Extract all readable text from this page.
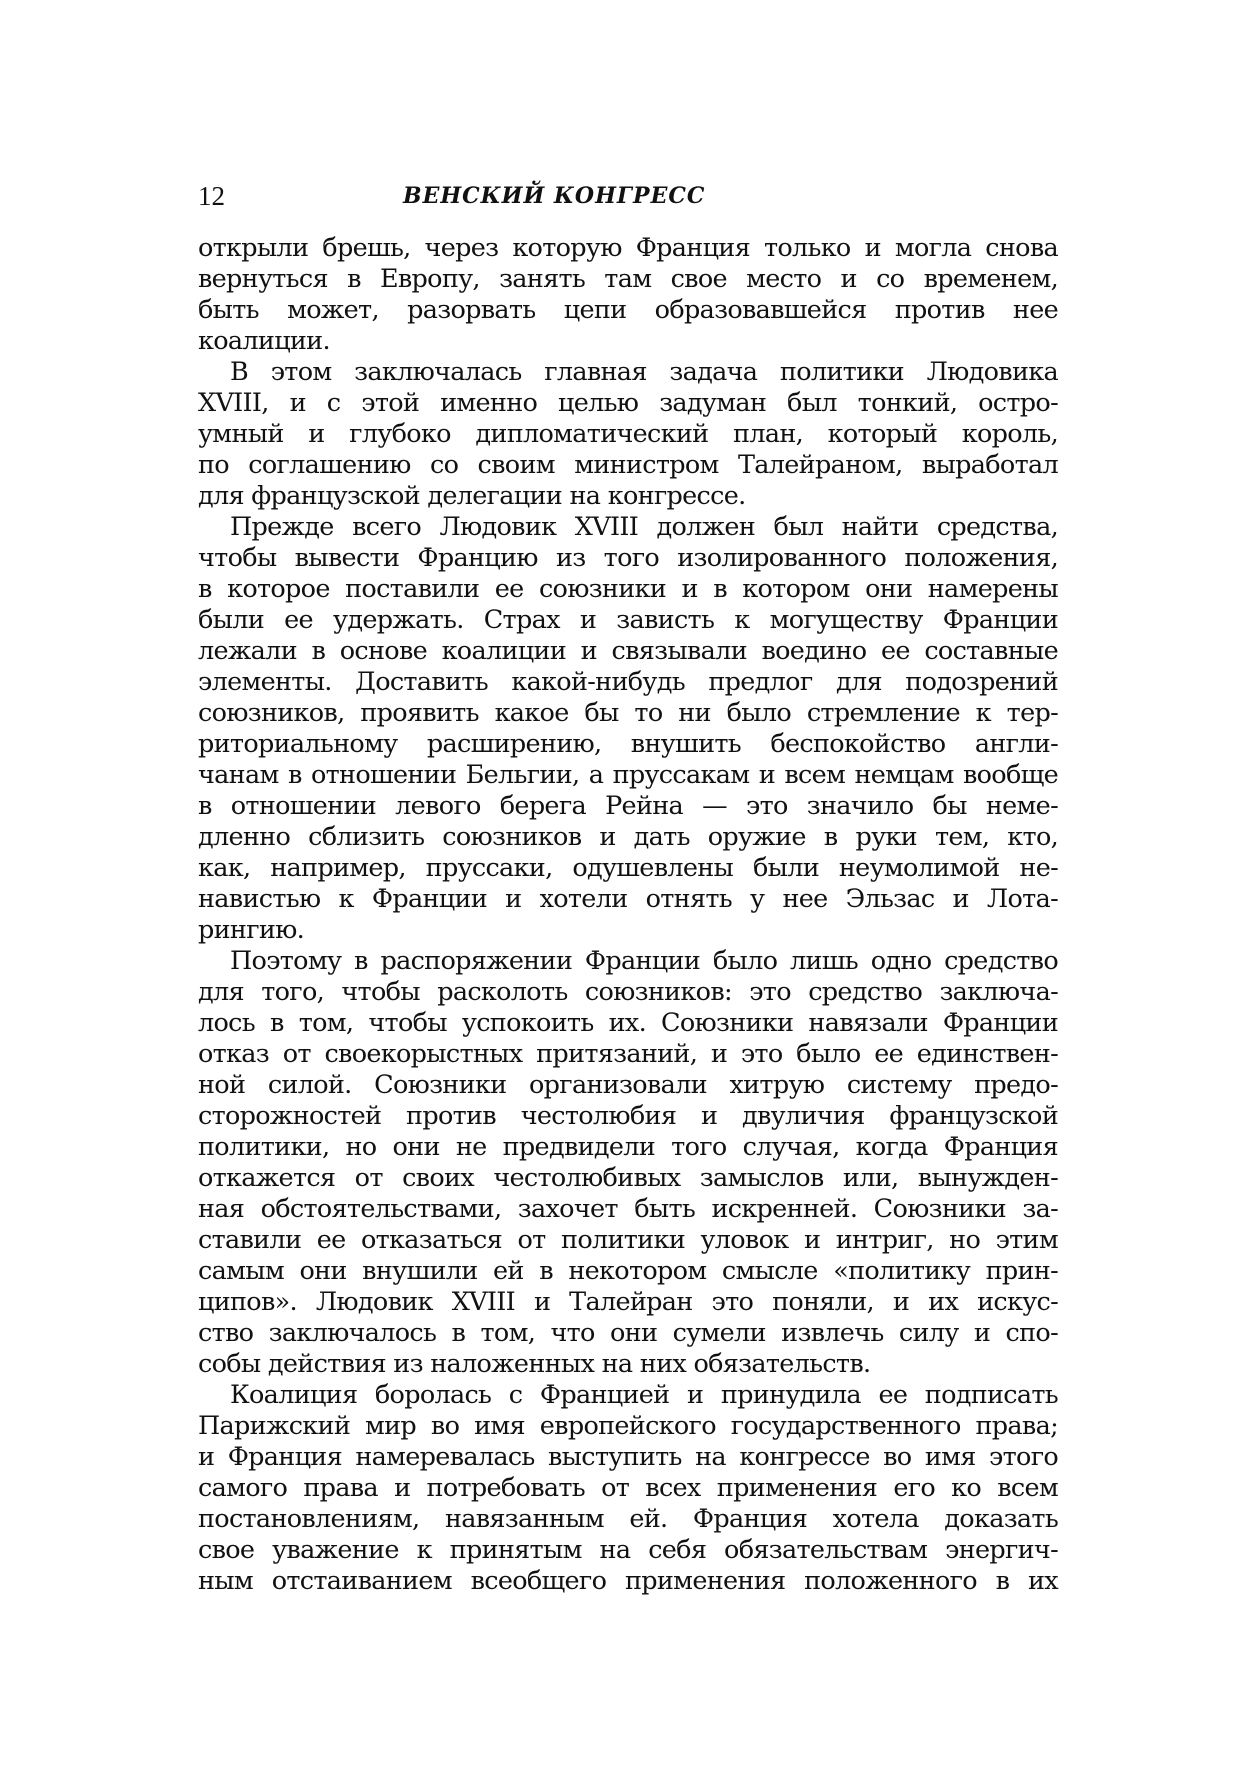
12	ВЕНСКИЙ КОНГРЕСС
открыли брешь, через которую Франция только и могла снова
вернуться в Европу, занять там свое место и со временем,
быть может, разорвать цепи образовавшейся против нее
коалиции.
В этом заключалась главная задача политики Людовика
XVIII, и с этой именно целью задуман был тонкий, остро-
умный и глубоко дипломатический план, который король,
по соглашению со своим министром Талейраном, выработал
для французской делегации на конгрессе.
Прежде всего Людовик XVIII должен был найти средства,
чтобы вывести Францию из того изолированного положения,
в которое поставили ее союзники и в котором они намерены
были ее удержать. Страх и зависть к могуществу Франции
лежали в основе коалиции и связывали воедино ее составные
элементы. Доставить какой-нибудь предлог для подозрений
союзников, проявить какое бы то ни было стремление к тер-
риториальному расширению, внушить беспокойство англи-
чанам в отношении Бельгии, а пруссакам и всем немцам вообще
в отношении левого берега Рейна — это значило бы неме-
дленно сблизить союзников и дать оружие в руки тем, кто,
как, например, пруссаки, одушевлены были неумолимой не-
навистью к Франции и хотели отнять у нее Эльзас и Лота-
рингию.
Поэтому в распоряжении Франции было лишь одно средство
для того, чтобы расколоть союзников: это средство заключа-
лось в том, чтобы успокоить их. Союзники навязали Франции
отказ от своекорыстных притязаний, и это было ее единствен-
ной силой. Союзники организовали хитрую систему предо-
сторожностей против честолюбия и двуличия французской
политики, но они не предвидели того случая, когда Франция
откажется от своих честолюбивых замыслов или, вынужден-
ная обстоятельствами, захочет быть искренней. Союзники за-
ставили ее отказаться от политики уловок и интриг, но этим
самым они внушили ей в некотором смысле «политику прин-
ципов». Людовик XVIII и Талейран это поняли, и их искус-
ство заключалось в том, что они сумели извлечь силу и спо-
собы действия из наложенных на них обязательств.
Коалиция боролась с Францией и принудила ее подписать
Парижский мир во имя европейского государственного права;
и Франция намеревалась выступить на конгрессе во имя этого
самого права и потребовать от всех применения его ко всем
постановлениям, навязанным ей. Франция хотела доказать
свое уважение к принятым на себя обязательствам энергич-
ным отстаиванием всеобщего применения положенного в их
